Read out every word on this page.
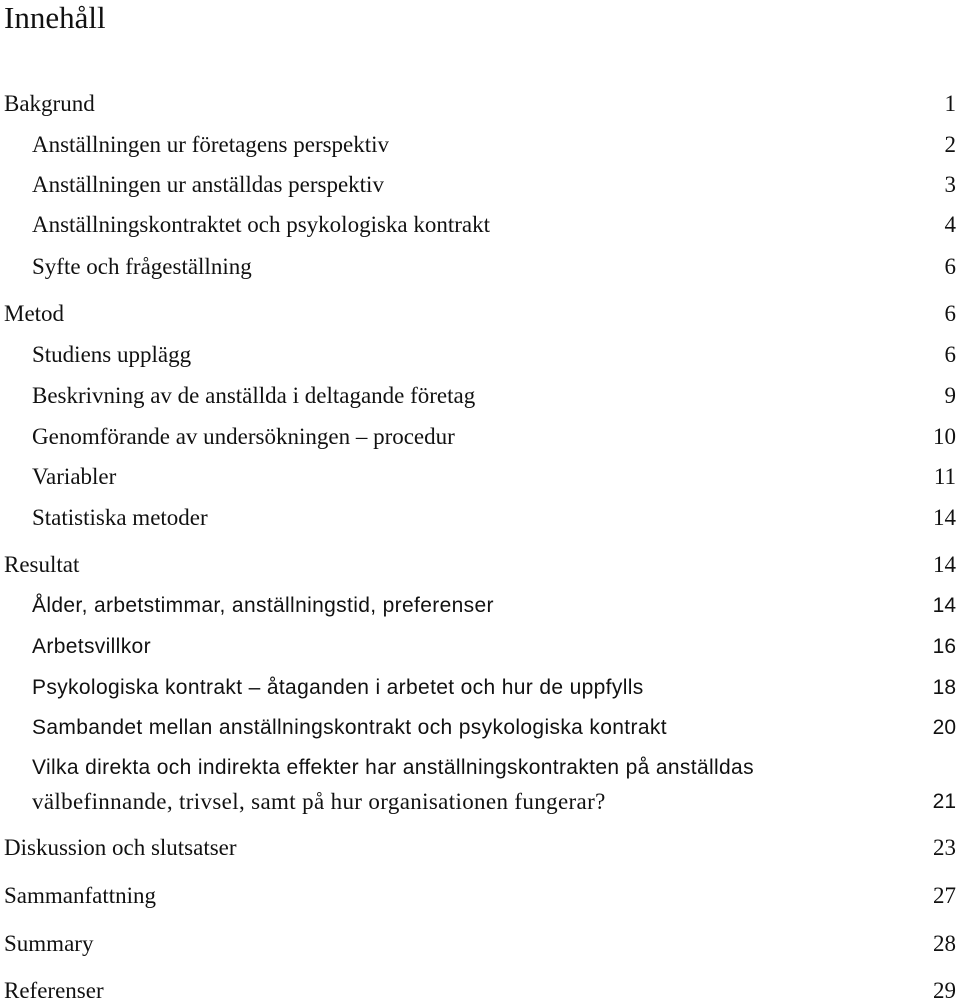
Innehåll
Bakgrund	1
Anställningen ur företagens perspektiv	2
Anställningen ur anställdas perspektiv	3
Anställningskontraktet och psykologiska kontrakt	4
Syfte och frågeställning	6
Metod	6
Studiens upplägg	6
Beskrivning av de anställda i deltagande företag	9
Genomförande av undersökningen – procedur	10
Variabler	11
Statistiska metoder	14
Resultat	14
Ålder, arbetstimmar, anställningstid, preferenser	14
Arbetsvillkor	16
Psykologiska kontrakt – åtaganden i arbetet och hur de uppfylls	18
Sambandet mellan anställningskontrakt och psykologiska kontrakt	20
Vilka direkta och indirekta effekter har anställningskontrakten på anställdas
välbefinnande, trivsel, samt på hur organisationen fungerar?	21
Diskussion och slutsatser	23
Sammanfattning	27
Summary	28
Referenser	29
